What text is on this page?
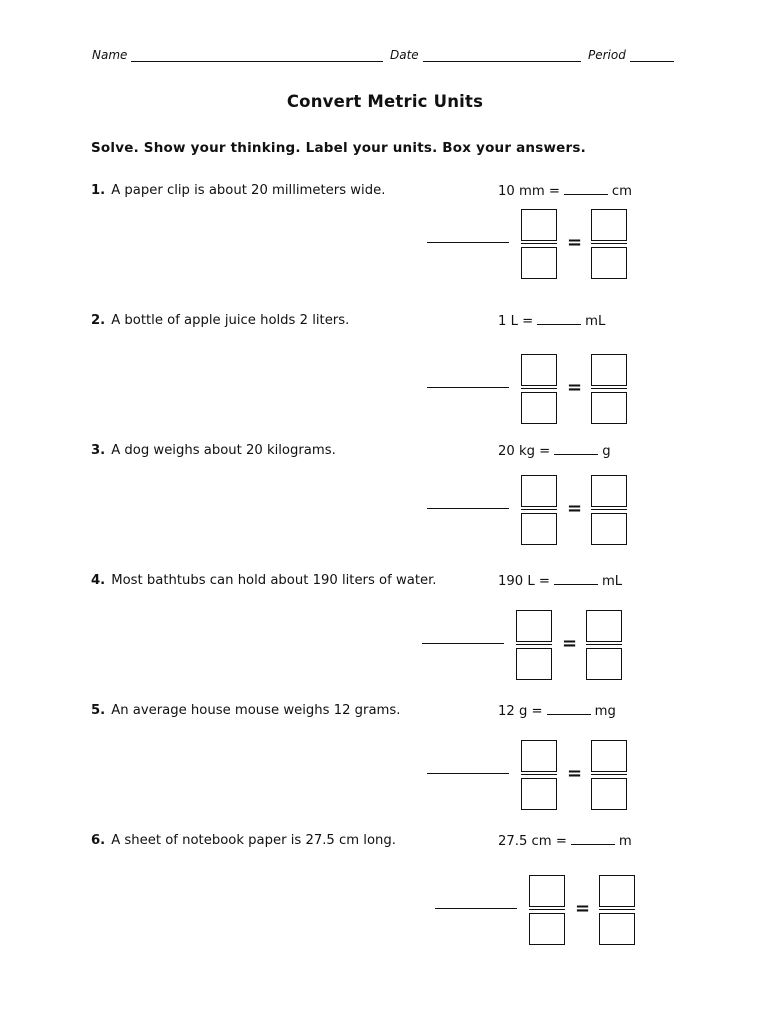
Name	Date	Period
Convert Metric Units
Solve. Show your thinking. Label your units. Box your answers.
1. A paper clip is about 20 millimeters wide.	10 mm =	cm
=
2. A bottle of apple juice holds 2 liters.	1 L =	mL
=
3. A dog weighs about 20 kilograms.	20 kg =	g
=
4. Most bathtubs can hold about 190 liters of water.	190 L =	mL
=
5. An average house mouse weighs 12 grams.	12 g =	mg
=
6. A sheet of notebook paper is 27.5 cm long.	27.5 cm =	m
=
